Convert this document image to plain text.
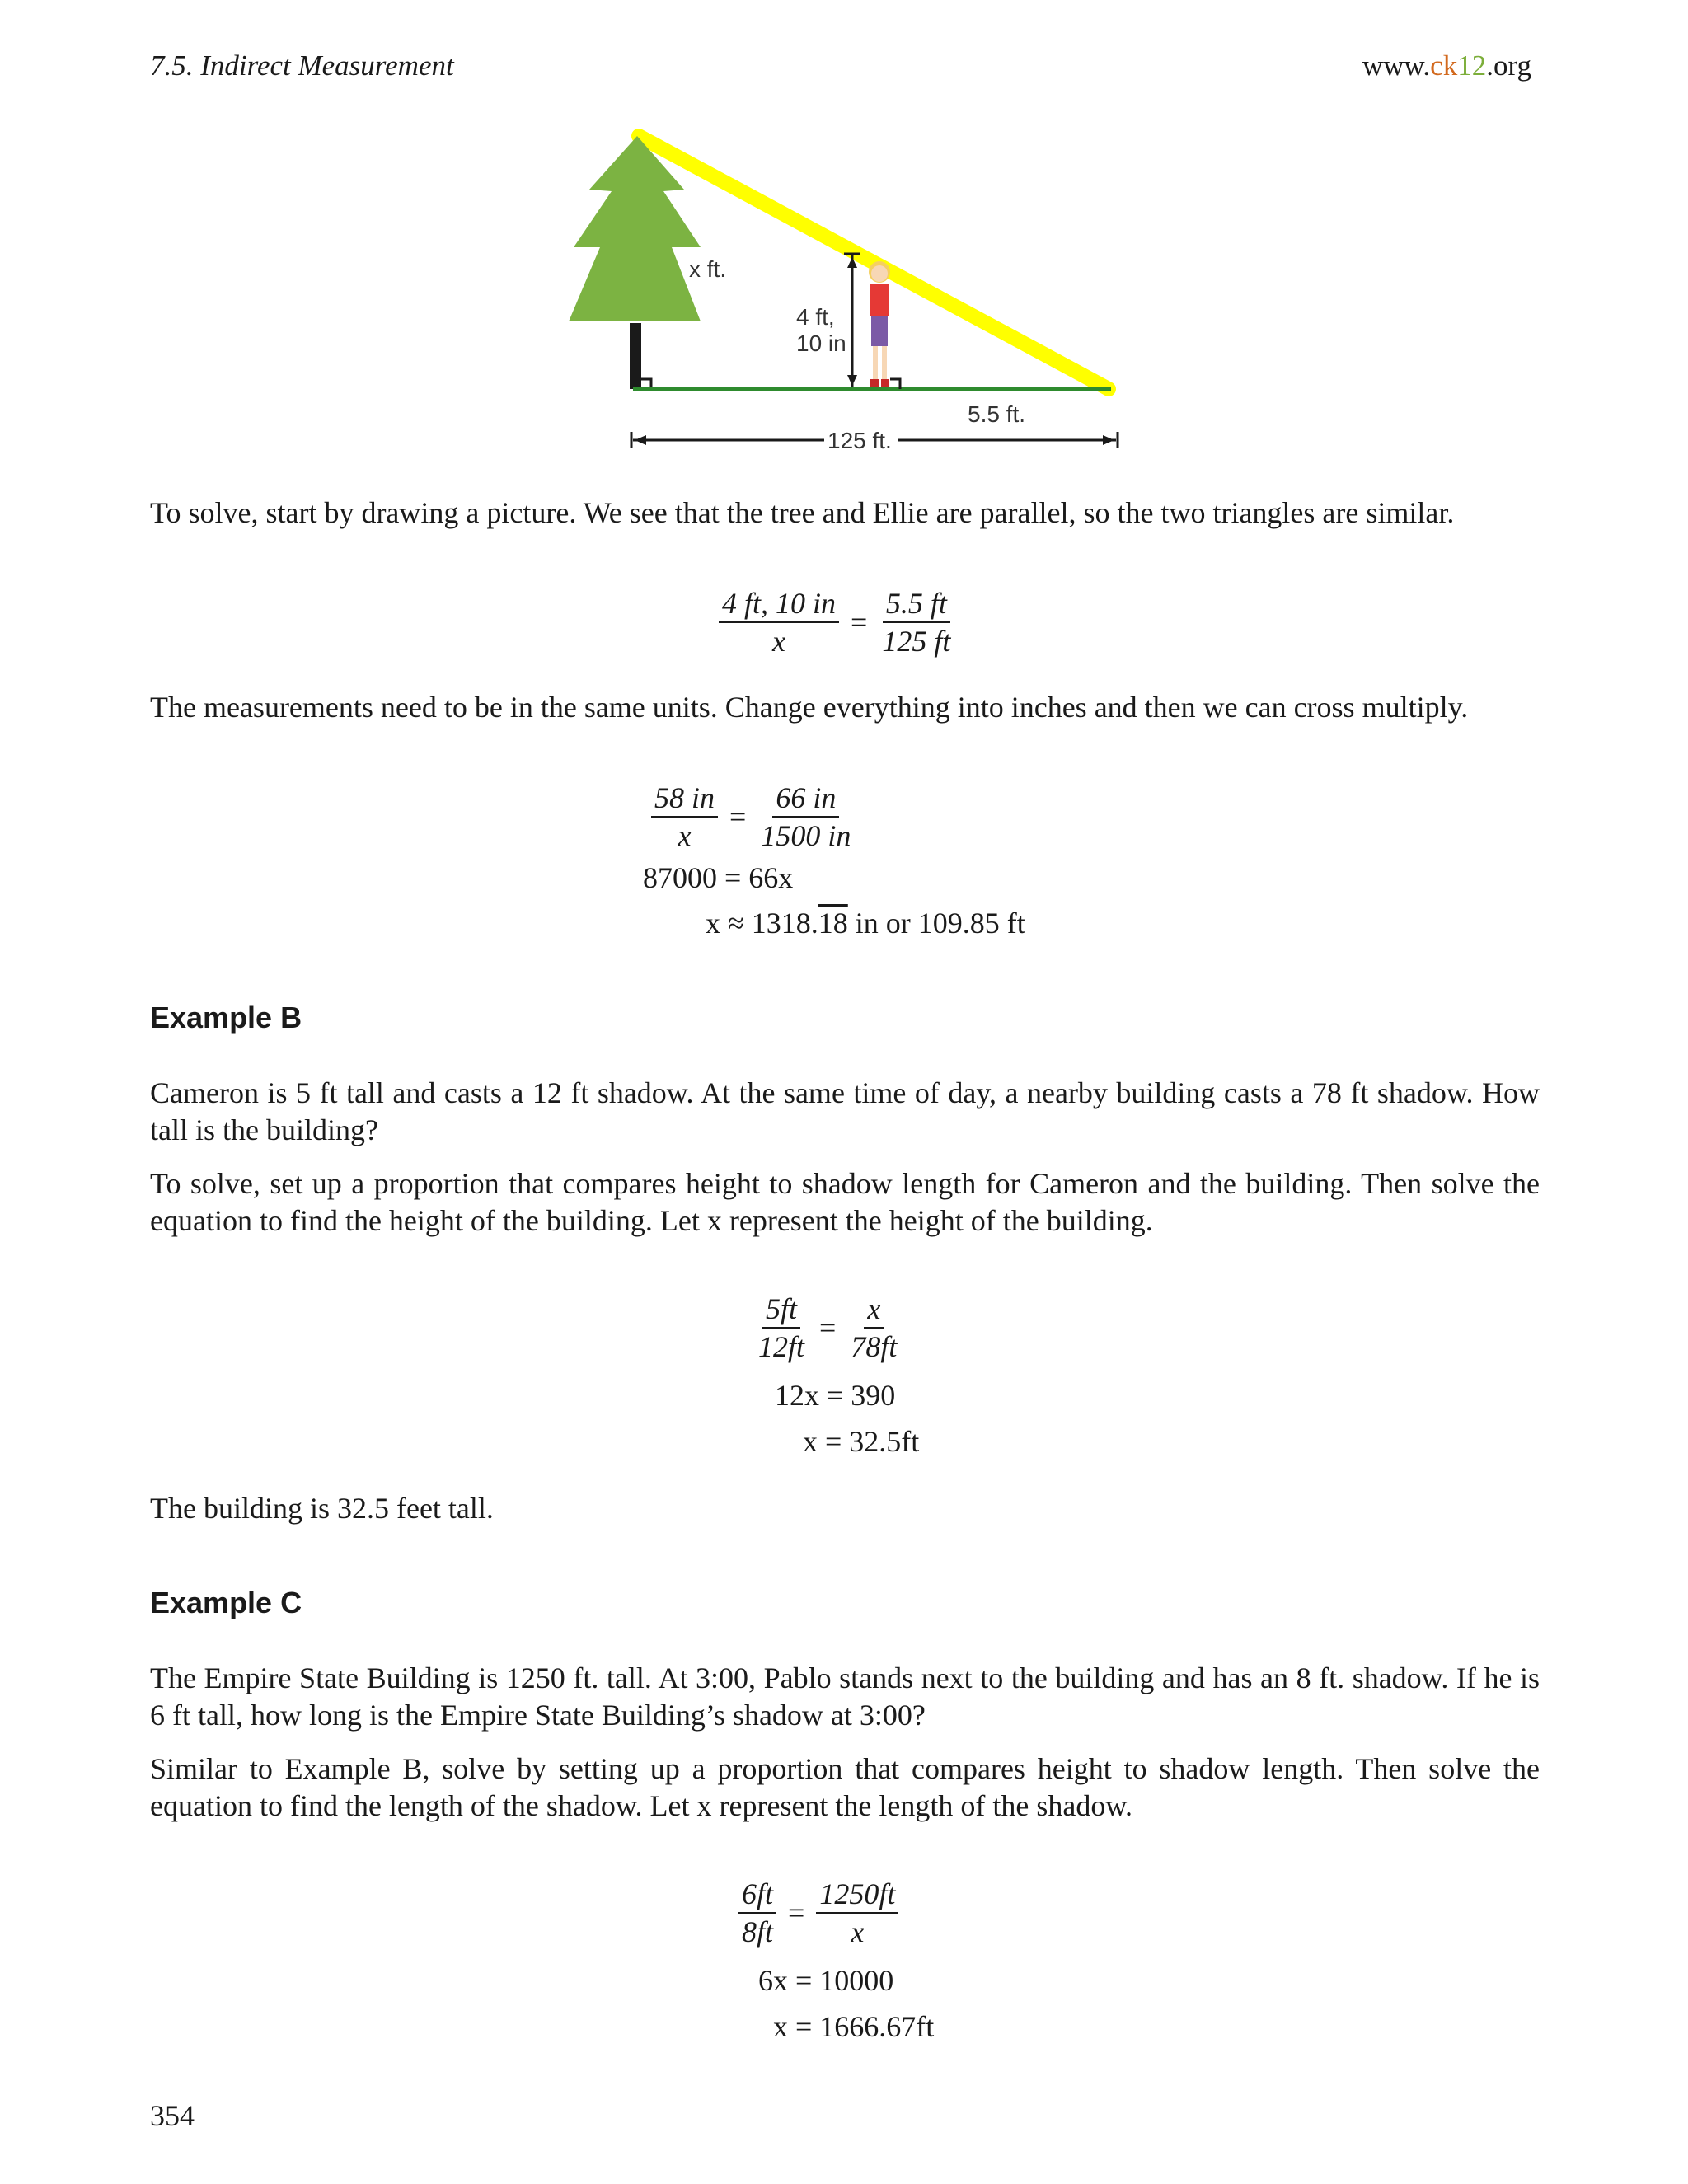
7.5. Indirect Measurement	www.ck12.org
x ft.
4 ft,
10 in
5.5 ft.
125 ft.
To solve, start by drawing a picture. We see that the tree and Ellie are parallel, so the two triangles are similar.
$\frac{4 ft, 10 in}{x} = \frac{5.5 ft}{125 ft}$
The measurements need to be in the same units. Change everything into inches and then we can cross multiply.
$\frac{58 in}{x} = \frac{66 in}{1500 in}$
87000 = 66x
x ≈ 1318.18 in or 109.85 ft
Example B
Cameron is 5 ft tall and casts a 12 ft shadow. At the same time of day, a nearby building casts a 78 ft shadow. How tall is the building?
To solve, set up a proportion that compares height to shadow length for Cameron and the building. Then solve the equation to find the height of the building. Let x represent the height of the building.
$\frac{5ft}{12ft} = \frac{x}{78ft}$
12x = 390
x = 32.5ft
The building is 32.5 feet tall.
Example C
The Empire State Building is 1250 ft. tall. At 3:00, Pablo stands next to the building and has an 8 ft. shadow. If he is 6 ft tall, how long is the Empire State Building’s shadow at 3:00?
Similar to Example B, solve by setting up a proportion that compares height to shadow length. Then solve the equation to find the length of the shadow. Let x represent the length of the shadow.
$\frac{6ft}{8ft} = \frac{1250ft}{x}$
6x = 10000
x = 1666.67ft
354
